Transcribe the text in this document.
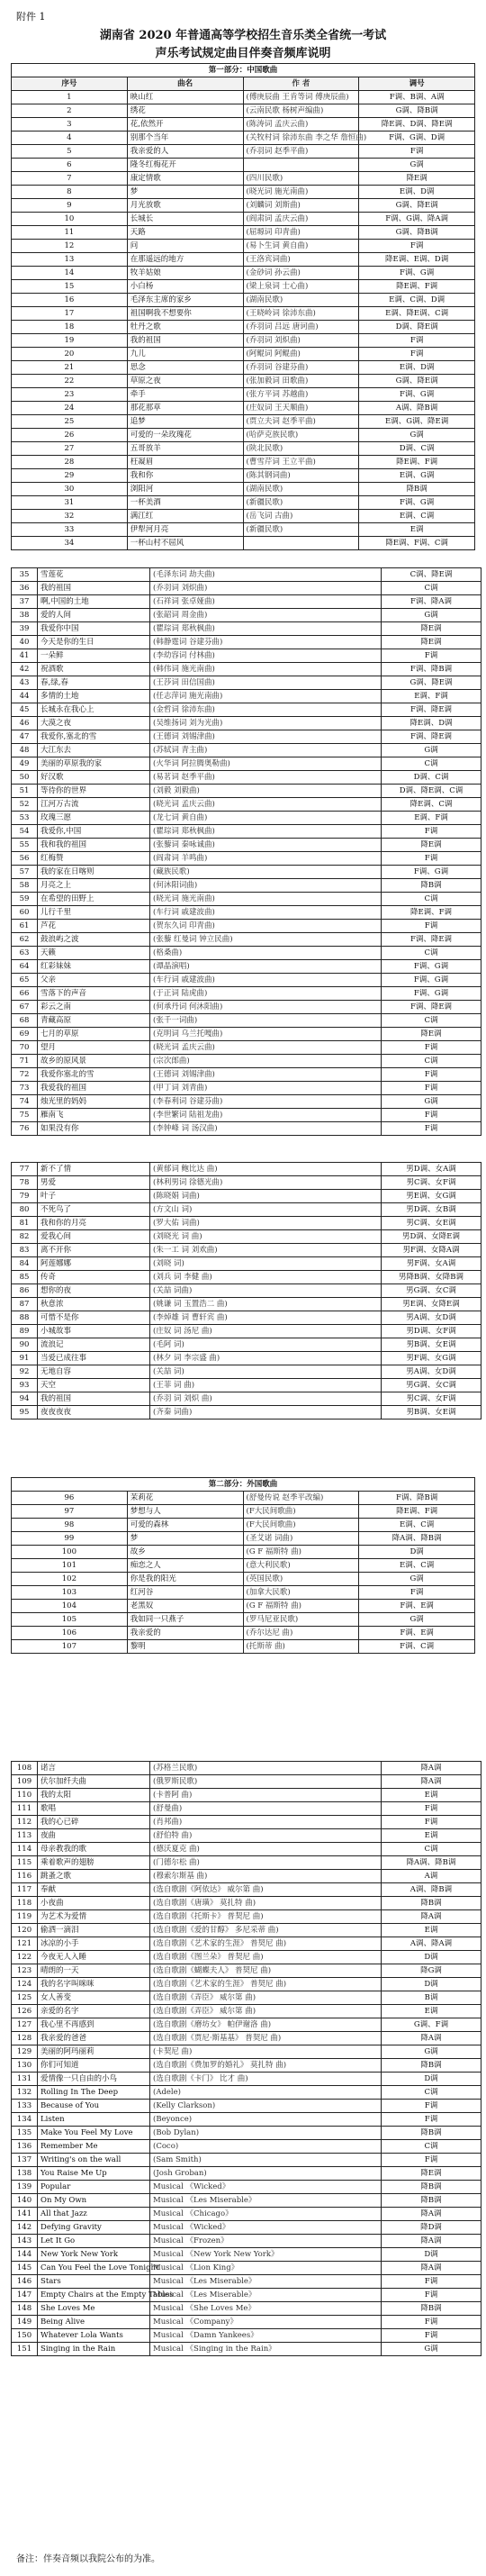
附件 1
湖南省 2020 年普通高等学校招生音乐类全省统一考试
声乐考试规定曲目伴奏音频库说明
第一部分：中国歌曲			
序号	曲名	作 者	调号
1	映山红	(傅庚辰曲 王肯等词 傅庚辰曲)	F调、B调、A调
2	绣花	(云南民歌 杨树声编曲)	G调、降B调
3	花,依然开	(陈涛词 孟庆云曲)	降E调、D调、降E调
4	别那个当年	(关牧村词 徐沛东曲 李之华 詹恒曲)	F调、G调、D调
5	我亲爱的人	(乔羽词 赵季平曲)	F调
6	隆冬红梅花开		G调
7	康定情歌	(四川民歌)	降E调
8	梦	(晓光词 施光南曲)	E调、D调
9	月光放歌	(刘麟词 刘斯曲)	G调、降E调
10	长城长	(阎肃词 孟庆云曲)	F调、G调、降A调
11	天路	(屈塬词 印青曲)	G调、降B调
12	问	(易卜生词 黄自曲)	F调
13	在那遥远的地方	(王洛宾词曲)	降E调、E调、D调
14	牧羊姑娘	(金砂词 孙云曲)	F调、G调
15	小白杨	(梁上泉词 士心曲)	降E调、F调
16	毛泽东主席的家乡	(湖南民歌)	E调、C调、D调
17	祖国啊我不想要你	(王晓岭词 徐沛东曲)	E调、降E调、C调
18	牡丹之歌	(乔羽词 吕远 唐诃曲)	D调、降E调
19	我的祖国	(乔羽词 刘炽曲)	F调
20	九儿	(阿鲲词 阿鲲曲)	F调
21	思念	(乔羽词 谷建芬曲)	E调、D调
22	草原之夜	(张加毅词 田歌曲)	G调、降E调
23	牵手	(张方平词 苏越曲)	F调、G调
24	那花那草	(庄奴词 王天顺曲)	A调、降B调
25	追梦	(贾立夫词 赵季平曲)	E调、G调、降E调
26	可爱的一朵玫瑰花	(哈萨克族民歌)	G调
27	五哥放羊	(陕北民歌)	D调、C调
28	枉凝眉	(曹雪芹词 王立平曲)	降E调、F调
29	我和你	(陈其钢词曲)	E调、G调
30	浏阳河	(湖南民歌)	降B调
31	一杯美酒	(新疆民歌)	F调、G调
32	满江红	(岳飞词 古曲)	E调、C调
33	伊犁河月亮	(新疆民歌)	E调
34	一杯山村不屈风		降E调、F调、C调
35	雪莲花	(毛泽东词 劫夫曲)	C调、降E调
36	我的祖国	(乔羽词 刘炽曲)	C调
37	啊,中国的土地	(石祥词 张卓娅曲)	F调、降A调
38	爱的人间	(张韶词 周金曲)	G调
39	我爱你中国	(瞿琮词 郑秋枫曲)	降E调
40	今天是你的生日	(韩静霆词 谷建芬曲)	降E调
41	一朵鲜	(李幼容词 付林曲)	F调
42	祝酒歌	(韩伟词 施光南曲)	F调、降B调
43	春,绿,春	(王莎词 田信国曲)	G调、降E调
44	多情的土地	(任志萍词 施光南曲)	E调、F调
45	长城永在我心上	(金哲词 徐沛东曲)	F调、降E调
46	大漠之夜	(吴维扬词 刘为光曲)	降E调、D调
47	我爱你,塞北的雪	(王德词 刘锡津曲)	F调、降E调
48	大江东去	(苏轼词 青主曲)	G调
49	美丽的草原我的家	(火华词 阿拉腾奥勒曲)	C调
50	好汉歌	(易茗词 赵季平曲)	D调、C调
51	等待你的世界	(刘毅 刘毅曲)	D调、降E调、C调
52	江河万古流	(晓光词 孟庆云曲)	降E调、C调
53	玫瑰三愿	(龙七词 黄自曲)	E调、F调
54	我爱你,中国	(瞿琮词 郑秋枫曲)	F调
55	我和我的祖国	(张藜词 秦咏诚曲)	降E调
56	红梅赞	(阎肃词 羊鸣曲)	F调
57	我的家在日喀则	(藏族民歌)	F调、G调
58	月亮之上	(何沐阳词曲)	降B调
59	在希望的田野上	(晓光词 施光南曲)	C调
60	儿行千里	(车行词 戚建波曲)	降E调、F调
61	芦花	(贺东久词 印青曲)	F调
62	鼓浪屿之波	(张藜 红曼词 钟立民曲)	F调、降E调
63	天籁	(格桑曲)	C调
64	红彩妹妹	(谭晶演唱)	F调、G调
65	父亲	(车行词 戚建波曲)	F调、G调
66	雪落下的声音	(于正词 陆虎曲)	F调、G调
67	彩云之南	(何承丹词 何沐阳曲)	F调、降E调
68	青藏高原	(张千一词曲)	C调
69	七月的草原	(克明词 乌兰托嘎曲)	降E调
70	望月	(晓光词 孟庆云曲)	F调
71	故乡的原风景	(宗次郎曲)	C调
72	我爱你塞北的雪	(王德词 刘锡津曲)	F调
73	我爱我的祖国	(甲丁词 刘青曲)	F调
74	烛光里的妈妈	(李春利词 谷建芬曲)	G调
75	雁南飞	(李世繁词 陆祖龙曲)	F调
76	如果没有你	(李钟峰 词 汤汉曲)	F调
77	新不了情	(黄郁词 鲍比达 曲)	男D调、女A调
78	男爱	(林利男词 徐德光曲)	男C调、女F调
79	叶子	(陈晓娟 词曲)	男E调、女G调
80	不死鸟了	(方文山 词)	男D调、女B调
81	我和你的月亮	(罗大佑 词曲)	男C调、女E调
82	爱我心间	(刘晓光 词 曲)	男D调、女降E调
83	离不开你	(朱一工 词 刘欢曲)	男F调、女降A调
84	阿莲娜娜	(刘晓 词)	男F调、女A调
85	传奇	(刘兵 词 李健 曲)	男降B调、女降B调
86	想你的夜	(关喆 词曲)	男G调、女C调
87	秋意浓	(姚谦 词 玉置浩二 曲)	男E调、女降E调
88	可惜不是你	(李焯雄 词 曹轩宾 曲)	男A调、女D调
89	小城故事	(庄奴 词 汤尼 曲)	男D调、女F调
90	流浪记	(毛阿 词)	男B调、女E调
91	当爱已成往事	(林夕 词 李宗盛 曲)	男F调、女G调
92	无地自容	(关喆 词)	男A调、女D调
93	天空	(王菲 词 曲)	男G调、女C调
94	我的祖国	(乔羽 词 刘炽 曲)	男C调、女F调
95	夜夜夜夜	(齐秦 词曲)	男B调、女E调
第二部分：外国歌曲			
96	茉莉花	(舒曼传说 赵季平改编)	F调、降B调
97	梦想与人	(F大民间歌曲)	降E调、F调
98	可爱的森林	(F大民间歌曲)	E调、C调
99	梦	(圣艾诺 词曲)	降A调、降B调
100	故乡	(G F 福斯特 曲)	D调
101	痴恋之人	(意大利民歌)	E调、C调
102	你是我的阳光	(英国民歌)	G调
103	红河谷	(加拿大民歌)	F调
104	老黑奴	(G F 福斯特 曲)	F调、E调
105	我如同一只燕子	(罗马尼亚民歌)	G调
106	我亲爱的	(乔尔达尼 曲)	F调、E调
107	黎明	(托斯蒂 曲)	F调、C调
108	诺言	(苏格兰民歌)	降A调
109	伏尔加纤夫曲	(俄罗斯民歌)	降A调
110	我的太阳	(卡普阿 曲)	E调
111	歌唱	(舒曼曲)	F调
112	我的心已碎	(肖邦曲)	F调
113	夜曲	(舒伯特 曲)	E调
114	母亲教我的歌	(德沃夏克 曲)	C调
115	乘着歌声的翅膀	(门德尔松 曲)	降A调、降B调
116	跳蚤之歌	(穆索尔斯基 曲)	A调
117	奉献	(选自歌剧《阿依达》 威尔第 曲)	A调、降B调
118	小夜曲	(选自歌剧《唐璜》 莫扎特 曲)	降B调
119	为艺术为爱情	(选自歌剧《托斯卡》 普契尼 曲)	降A调
120	偷洒一滴泪	(选自歌剧《爱的甘醇》 多尼采蒂 曲)	E调
121	冰凉的小手	(选自歌剧《艺术家的生涯》 普契尼 曲)	A调、降A调
122	今夜无人入睡	(选自歌剧《图兰朵》 普契尼 曲)	D调
123	晴朗的一天	(选自歌剧《蝴蝶夫人》 普契尼 曲)	降G调
124	我的名字叫咪咪	(选自歌剧《艺术家的生涯》 普契尼 曲)	D调
125	女人善变	(选自歌剧《弄臣》 威尔第 曲)	B调
126	亲爱的名字	(选自歌剧《弄臣》 威尔第 曲)	E调
127	我心里不再感到	(选自歌剧《磨坊女》 帕伊谢洛 曲)	G调、F调
128	我亲爱的爸爸	(选自歌剧《贾尼·斯基基》 普契尼 曲)	降A调
129	美丽的阿玛丽莉	(卡契尼 曲)	G调
130	你们可知道	(选自歌剧《费加罗的婚礼》 莫扎特 曲)	降B调
131	爱情像一只自由的小鸟	(选自歌剧《卡门》 比才 曲)	D调
132	Rolling In The Deep	(Adele)	C调
133	Because of You	(Kelly Clarkson)	F调
134	Listen	(Beyonce)	F调
135	Make You Feel My Love	(Bob Dylan)	降B调
136	Remember Me	(Coco)	C调
137	Writing's on the wall	(Sam Smith)	F调
138	You Raise Me Up	(Josh Groban)	降E调
139	Popular	Musical 《Wicked》	降B调
140	On My Own	Musical 《Les Miserable》	降B调
141	All that Jazz	Musical 《Chicago》	降A调
142	Defying Gravity	Musical 《Wicked》	降D调
143	Let It Go	Musical 《Frozen》	降A调
144	New York New York	Musical 《New York New York》	D调
145	Can You Feel the Love Tonight	Musical 《Lion King》	降A调
146	Stars	Musical 《Les Miserable》	F调
147	Empty Chairs at the Empty Tables	Musical 《Les Miserable》	F调
148	She Loves Me	Musical 《She Loves Me》	降B调
149	Being Alive	Musical 《Company》	F调
150	Whatever Lola Wants	Musical 《Damn Yankees》	F调
151	Singing in the Rain	Musical 《Singing in the Rain》	G调
备注：伴奏音频以我院公布的为准。
